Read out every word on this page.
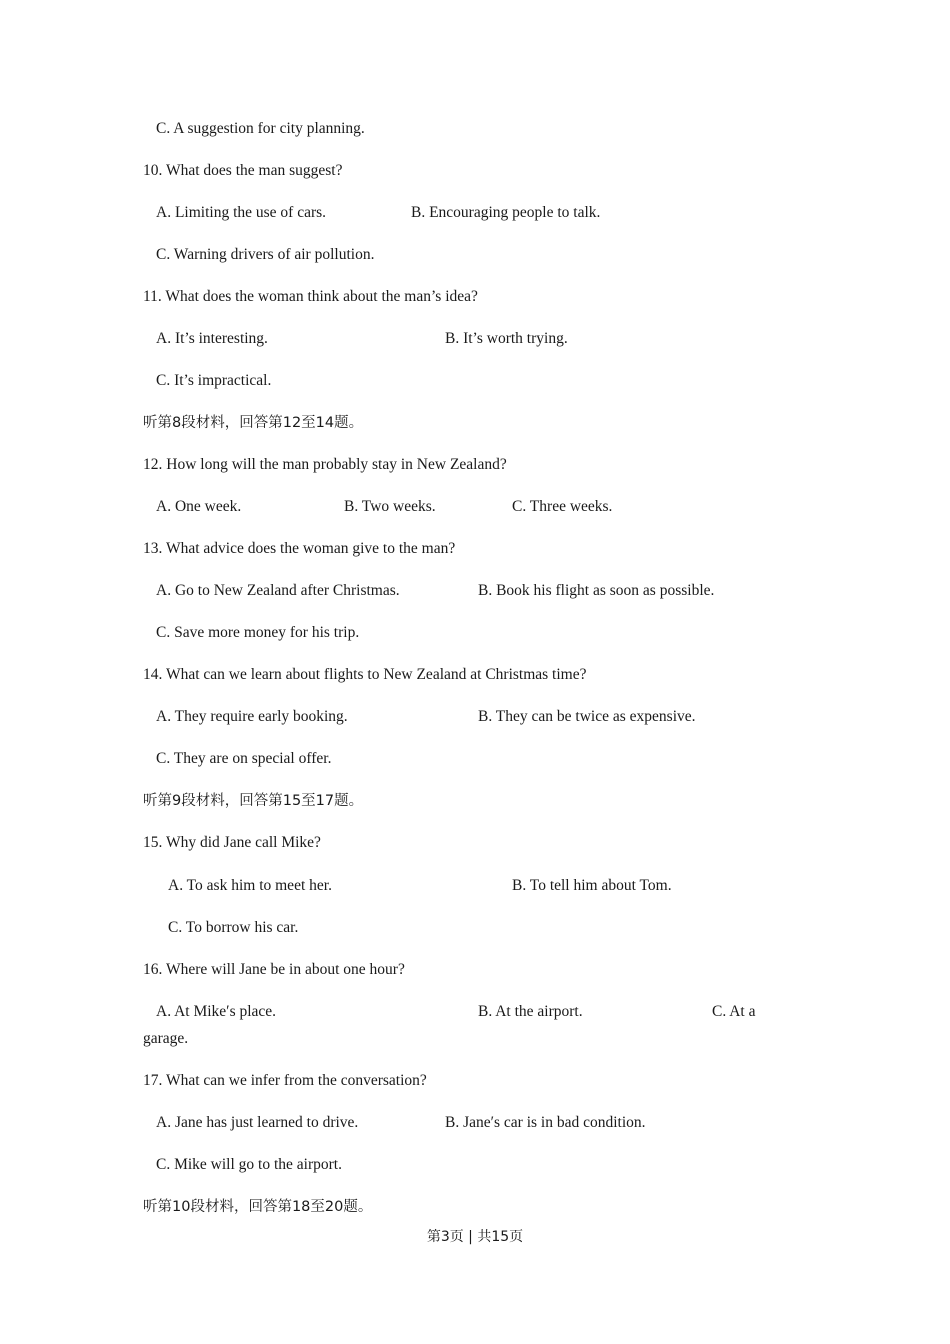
C. A suggestion for city planning.
10. What does the man suggest?
A. Limiting the use of cars.	B. Encouraging people to talk.
C. Warning drivers of air pollution.
11. What does the woman think about the man’s idea?
A. It’s interesting.	B. It’s worth trying.
C. It’s impractical.
听第8段材料，回答第12至14题。
12. How long will the man probably stay in New Zealand?
A. One week.	B. Two weeks.	C. Three weeks.
13. What advice does the woman give to the man?
A. Go to New Zealand after Christmas.	B. Book his flight as soon as possible.
C. Save more money for his trip.
14. What can we learn about flights to New Zealand at Christmas time?
A. They require early booking.	B. They can be twice as expensive.
C. They are on special offer.
听第9段材料，回答第15至17题。
15. Why did Jane call Mike?
A. To ask him to meet her.	B. To tell him about Tom.
C. To borrow his car.
16. Where will Jane be in about one hour?
A. At Mike′s place.	B. At the airport.	C. At a
garage.
17. What can we infer from the conversation?
A. Jane has just learned to drive.	B. Jane′s car is in bad condition.
C. Mike will go to the airport.
听第10段材料，回答第18至20题。
第3页 | 共15页
